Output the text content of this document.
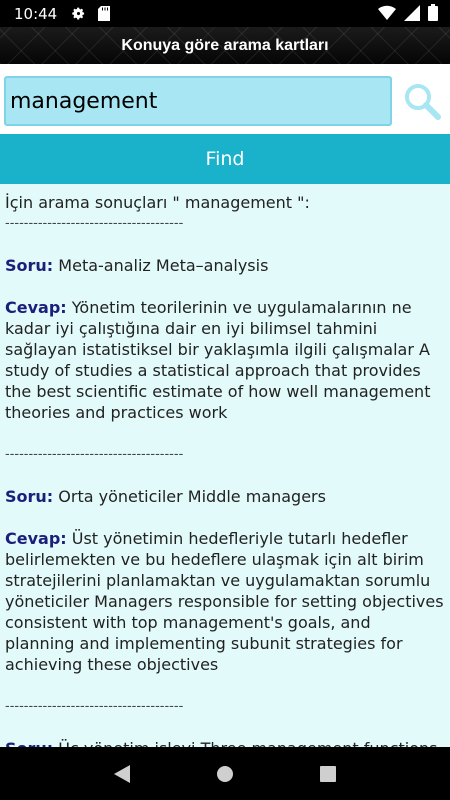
10:44
Konuya göre arama kartları
management
Find

İçin arama sonuçları " management ":

--------------------------------------

Soru: Meta-analiz Meta–analysis

Cevap: Yönetim teorilerinin ve uygulamalarının ne kadar iyi çalıştığına dair en iyi bilimsel tahmini sağlayan istatistiksel bir yaklaşımla ilgili çalışmalar A study of studies a statistical approach that provides the best scientific estimate of how well management theories and practices work

--------------------------------------

Soru: Orta yöneticiler Middle managers

Cevap: Üst yönetimin hedefleriyle tutarlı hedefler belirlemekten ve bu hedeflere ulaşmak için alt birim stratejilerini planlamaktan ve uygulamaktan sorumlu yöneticiler Managers responsible for setting objectives consistent with top management's goals, and planning and implementing subunit strategies for achieving these objectives

--------------------------------------
